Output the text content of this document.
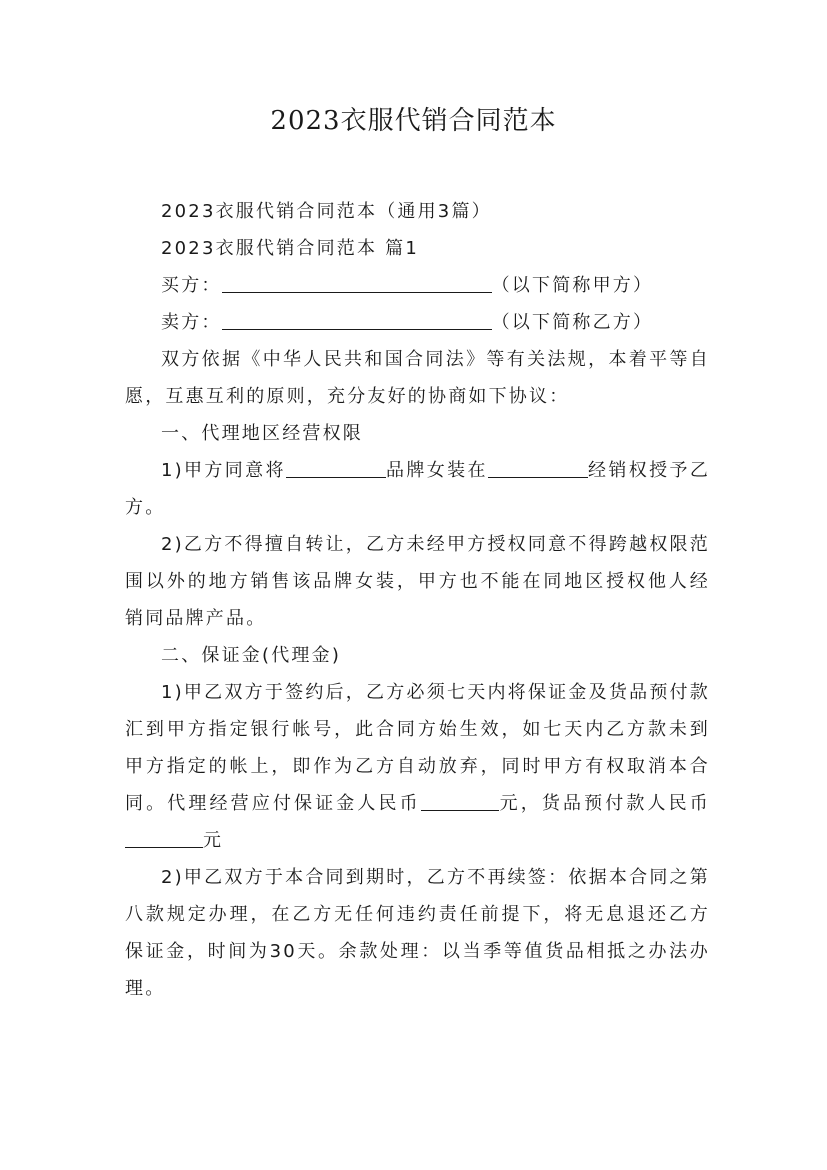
2023衣服代销合同范本

2023衣服代销合同范本（通用3篇）

2023衣服代销合同范本 篇1

买方：	（以下简称甲方）

卖方：	（以下简称乙方）

双方依据《中华人民共和国合同法》等有关法规，本着平等自愿，互惠互利的原则，充分友好的协商如下协议：

一、代理地区经营权限

1)甲方同意将	品牌女装在	经销权授予乙方。

2)乙方不得擅自转让，乙方未经甲方授权同意不得跨越权限范围以外的地方销售该品牌女装，甲方也不能在同地区授权他人经销同品牌产品。

二、保证金(代理金)

1)甲乙双方于签约后，乙方必须七天内将保证金及货品预付款汇到甲方指定银行帐号，此合同方始生效，如七天内乙方款未到甲方指定的帐上，即作为乙方自动放弃，同时甲方有权取消本合同。代理经营应付保证金人民币	元，货品预付款人民币元

2)甲乙双方于本合同到期时，乙方不再续签：依据本合同之第八款规定办理，在乙方无任何违约责任前提下，将无息退还乙方保证金，时间为30天。余款处理：以当季等值货品相抵之办法办理。
